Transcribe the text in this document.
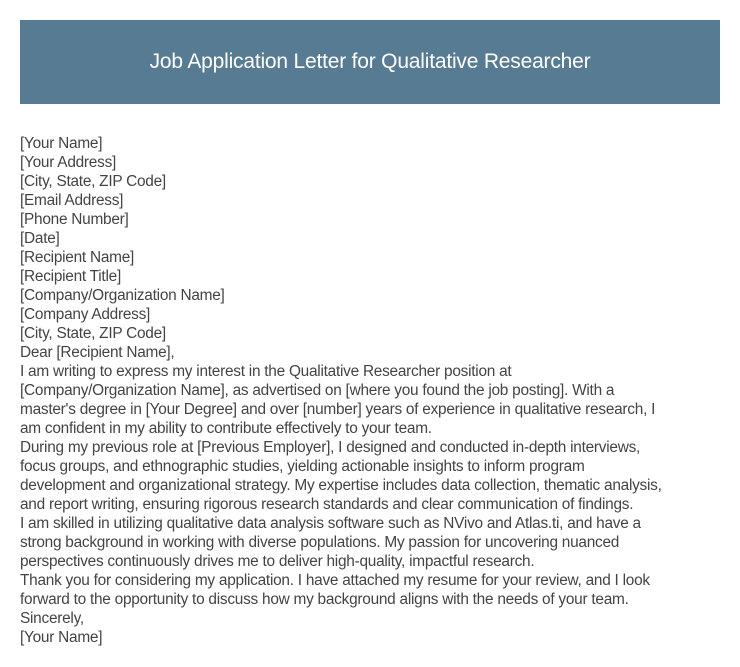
Job Application Letter for Qualitative Researcher
[Your Name]
[Your Address]
[City, State, ZIP Code]
[Email Address]
[Phone Number]
[Date]
[Recipient Name]
[Recipient Title]
[Company/Organization Name]
[Company Address]
[City, State, ZIP Code]
Dear [Recipient Name],
I am writing to express my interest in the Qualitative Researcher position at
[Company/Organization Name], as advertised on [where you found the job posting]. With a
master's degree in [Your Degree] and over [number] years of experience in qualitative research, I
am confident in my ability to contribute effectively to your team.
During my previous role at [Previous Employer], I designed and conducted in-depth interviews,
focus groups, and ethnographic studies, yielding actionable insights to inform program
development and organizational strategy. My expertise includes data collection, thematic analysis,
and report writing, ensuring rigorous research standards and clear communication of findings.
I am skilled in utilizing qualitative data analysis software such as NVivo and Atlas.ti, and have a
strong background in working with diverse populations. My passion for uncovering nuanced
perspectives continuously drives me to deliver high-quality, impactful research.
Thank you for considering my application. I have attached my resume for your review, and I look
forward to the opportunity to discuss how my background aligns with the needs of your team.
Sincerely,
[Your Name]
